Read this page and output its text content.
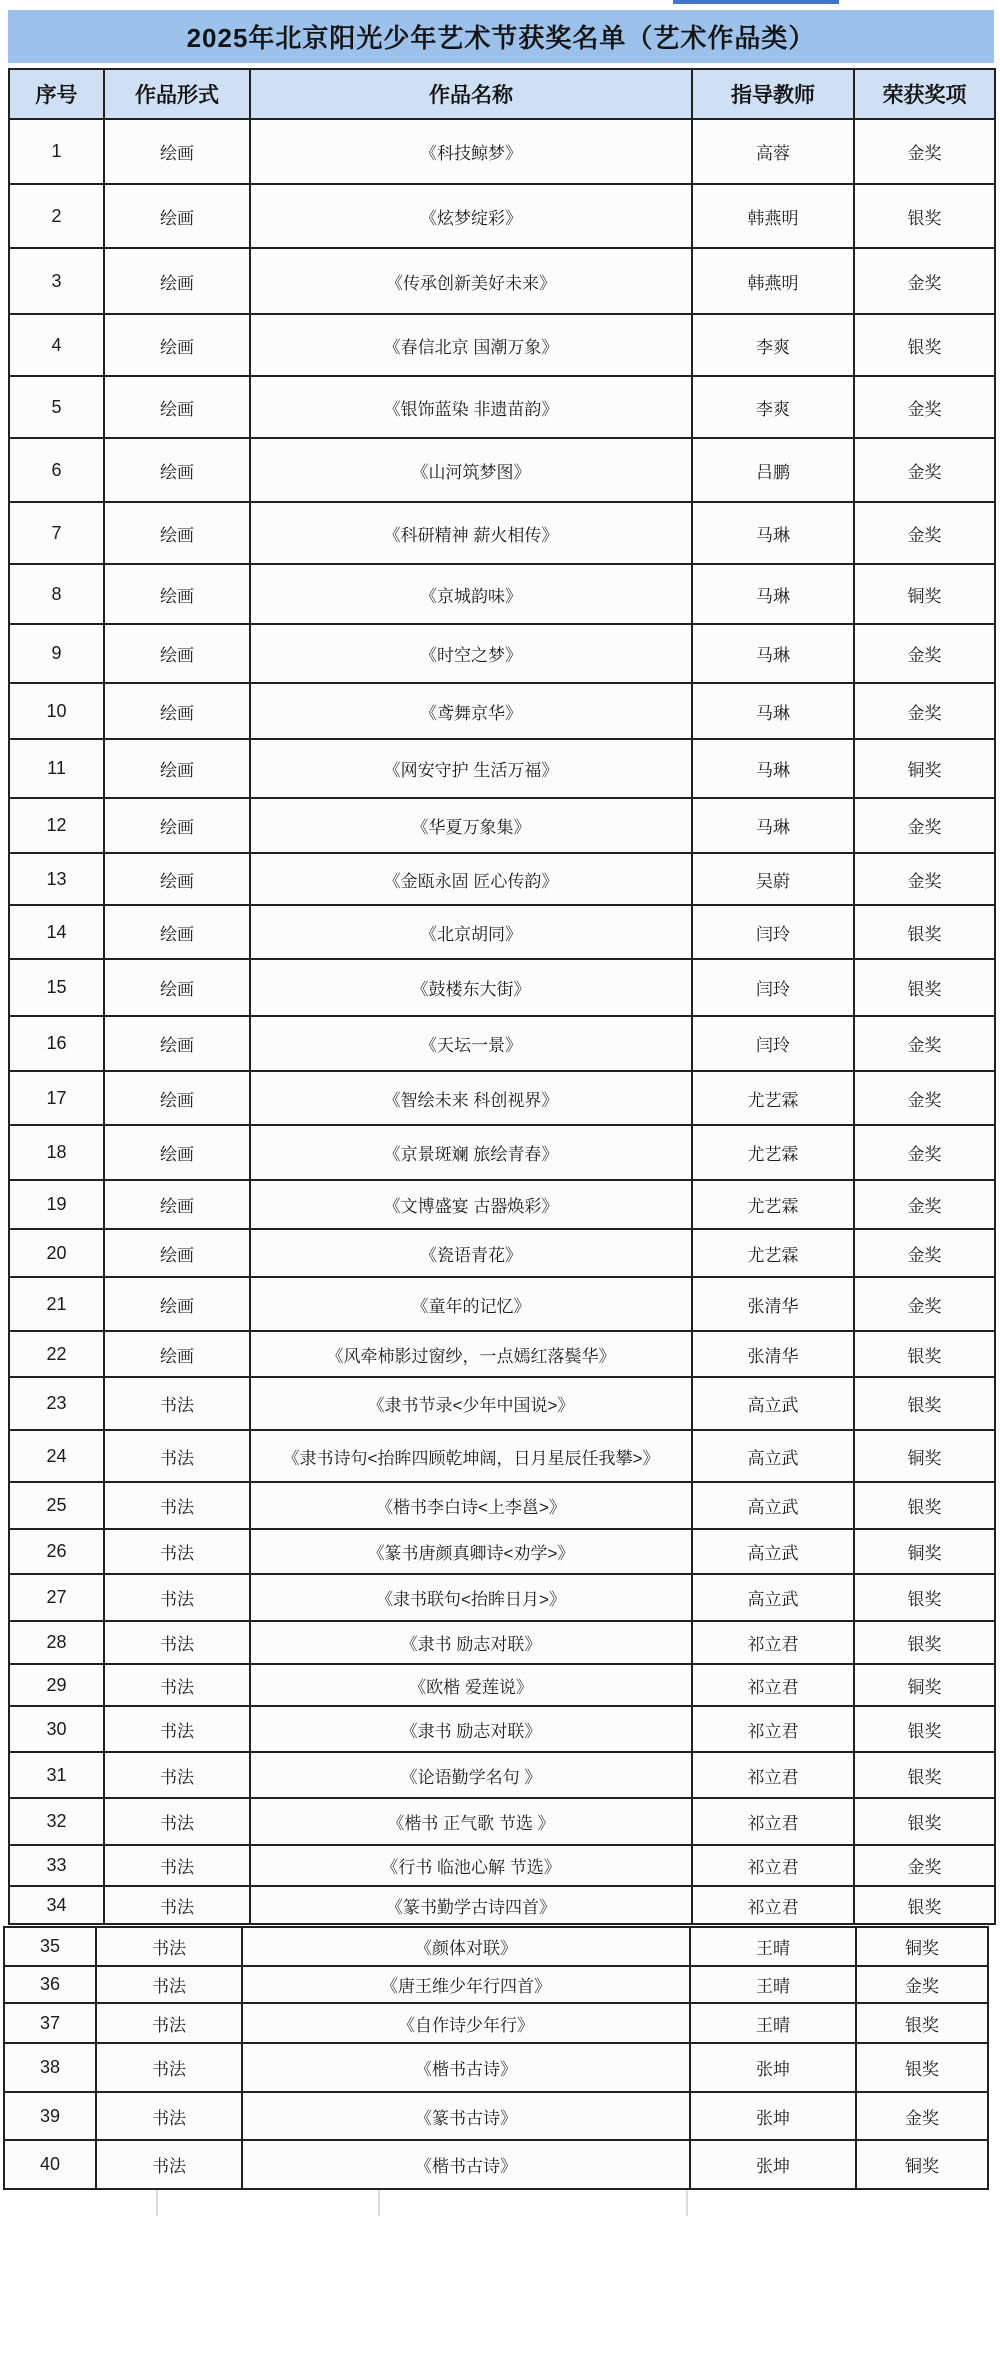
2025年北京阳光少年艺术节获奖名单（艺术作品类）
序号	作品形式	作品名称	指导教师	荣获奖项
1	绘画	《科技鲸梦》	高蓉	金奖
2	绘画	《炫梦绽彩》	韩燕明	银奖
3	绘画	《传承创新美好未来》	韩燕明	金奖
4	绘画	《春信北京 国潮万象》	李爽	银奖
5	绘画	《银饰蓝染 非遗苗韵》	李爽	金奖
6	绘画	《山河筑梦图》	吕鹏	金奖
7	绘画	《科研精神 薪火相传》	马琳	金奖
8	绘画	《京城韵味》	马琳	铜奖
9	绘画	《时空之梦》	马琳	金奖
10	绘画	《鸢舞京华》	马琳	金奖
11	绘画	《网安守护 生活万福》	马琳	铜奖
12	绘画	《华夏万象集》	马琳	金奖
13	绘画	《金瓯永固 匠心传韵》	吴蔚	金奖
14	绘画	《北京胡同》	闫玲	银奖
15	绘画	《鼓楼东大街》	闫玲	银奖
16	绘画	《天坛一景》	闫玲	金奖
17	绘画	《智绘未来 科创视界》	尤艺霖	金奖
18	绘画	《京景斑斓 旅绘青春》	尤艺霖	金奖
19	绘画	《文博盛宴 古器焕彩》	尤艺霖	金奖
20	绘画	《瓷语青花》	尤艺霖	金奖
21	绘画	《童年的记忆》	张清华	金奖
22	绘画	《风牵柿影过窗纱，一点嫣红落鬓华》	张清华	银奖
23	书法	《隶书节录<少年中国说>》	高立武	银奖
24	书法	《隶书诗句<抬眸四顾乾坤阔，日月星辰任我攀>》	高立武	铜奖
25	书法	《楷书李白诗<上李邕>》	高立武	银奖
26	书法	《篆书唐颜真卿诗<劝学>》	高立武	铜奖
27	书法	《隶书联句<抬眸日月>》	高立武	银奖
28	书法	《隶书 励志对联》	祁立君	银奖
29	书法	《欧楷 爱莲说》	祁立君	铜奖
30	书法	《隶书 励志对联》	祁立君	银奖
31	书法	《论语勤学名句 》	祁立君	银奖
32	书法	《楷书 正气歌 节选 》	祁立君	银奖
33	书法	《行书 临池心解 节选》	祁立君	金奖
34	书法	《篆书勤学古诗四首》	祁立君	银奖
35	书法	《颜体对联》	王晴	铜奖
36	书法	《唐王维少年行四首》	王晴	金奖
37	书法	《自作诗少年行》	王晴	银奖
38	书法	《楷书古诗》	张坤	银奖
39	书法	《篆书古诗》	张坤	金奖
40	书法	《楷书古诗》	张坤	铜奖
